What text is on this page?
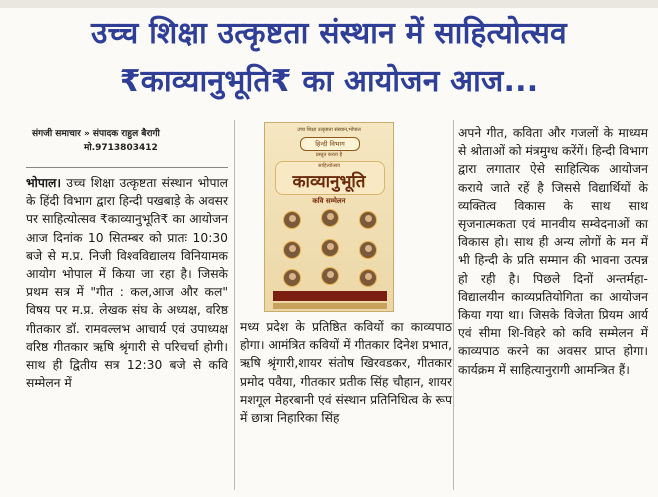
उच्च शिक्षा उत्कृष्टता संस्थान में साहित्योत्सव
₹काव्यानुभूति₹ का आयोजन आज...
संगजी समाचार » संपादक राहुल बैरागी
मो.9713803412
भोपाल। उच्च शिक्षा उत्कृष्टता संस्थान भोपाल के हिंदी विभाग द्वारा हिन्दी पखबाड़े के अवसर पर साहित्योत्सव ₹काव्यानुभूति₹ का आयोजन आज दिनांक 10 सितम्बर को प्रातः 10:30 बजे से म.प्र. निजी विश्वविद्यालय विनियामक आयोग भोपाल में किया जा रहा है। जिसके प्रथम सत्र में "गीत : कल,आज और कल" विषय पर म.प्र. लेखक संघ के अध्यक्ष, वरिष्ठ गीतकार डॉ. रामवल्लभ आचार्य एवं उपाध्यक्ष वरिष्ठ गीतकार ऋषि श्रृंगारी से परिचर्चा होगी। साथ ही द्वितीय सत्र 12:30 बजे से कवि सम्मेलन में
उच्च शिक्षा उत्कृष्टता संस्थान,भोपाल
हिन्दी विभाग
प्रस्तुत करता है
साहित्योत्सव
काव्यानुभूति
कवि सम्मेलन
मध्य प्रदेश के प्रतिष्ठित कवियों का काव्यपाठ होगा। आमंत्रित कवियों में गीतकार दिनेश प्रभात, ऋषि श्रृंगारी,शायर संतोष खिरवडकर, गीतकार प्रमोद पवैया, गीतकार प्रतीक सिंह चौहान, शायर मशगूल मेहरबानी एवं संस्थान प्रतिनिधित्व के रूप में छात्रा निहारिका सिंह
अपने गीत, कविता और गजलों के माध्यम से श्रोताओं को मंत्रमुग्ध करेंगें। हिन्दी विभाग द्वारा लगातार ऐसे साहित्यिक आयोजन कराये जाते रहें है जिससे विद्यार्थियों के व्यक्तित्व विकास के साथ साथ सृजनात्मकता एवं मानवीय सम्वेदनाओं का विकास हो। साथ ही अन्य लोगों के मन में भी हिन्दी के प्रति सम्मान की भावना उत्पन्न हो रही है। पिछले दिनों अन्तर्महा-विद्यालयीन काव्यप्रतियोगिता का आयोजन किया गया था। जिसके विजेता प्रियम आर्य एवं सीमा शि-विहरे को कवि सम्मेलन में काव्यपाठ करने का अवसर प्राप्त होगा। कार्यक्रम में साहित्यानुरागी आमन्त्रित हैं।
